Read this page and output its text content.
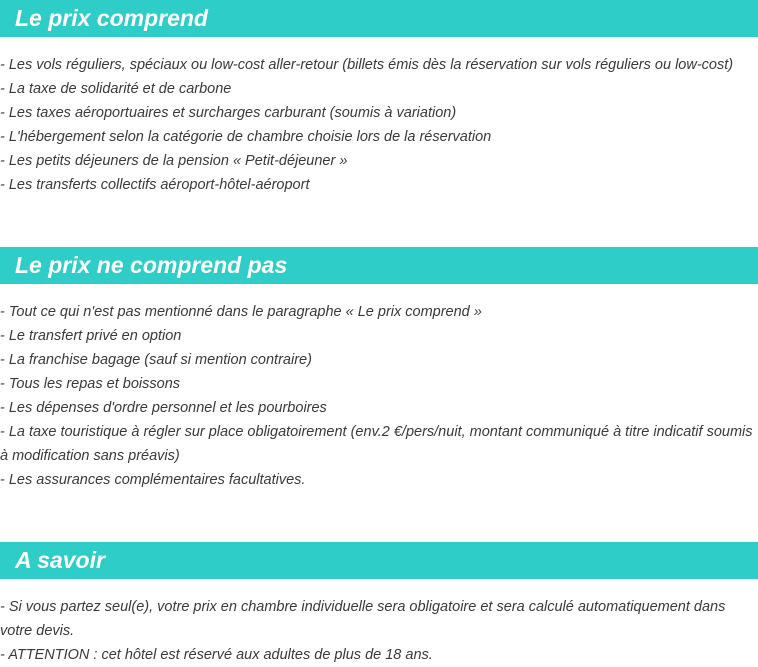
Le prix comprend
- Les vols réguliers, spéciaux ou low-cost aller-retour (billets émis dès la réservation sur vols réguliers ou low-cost)
- La taxe de solidarité et de carbone
- Les taxes aéroportuaires et surcharges carburant (soumis à variation)
- L'hébergement selon la catégorie de chambre choisie lors de la réservation
- Les petits déjeuners de la pension « Petit-déjeuner »
- Les transferts collectifs aéroport-hôtel-aéroport
Le prix ne comprend pas
- Tout ce qui n'est pas mentionné dans le paragraphe « Le prix comprend »
- Le transfert privé en option
- La franchise bagage (sauf si mention contraire)
- Tous les repas et boissons
- Les dépenses d'ordre personnel et les pourboires
- La taxe touristique à régler sur place obligatoirement (env.2 €/pers/nuit, montant communiqué à titre indicatif soumis à modification sans préavis)
- Les assurances complémentaires facultatives.
A savoir
- Si vous partez seul(e), votre prix en chambre individuelle sera obligatoire et sera calculé automatiquement dans votre devis.
- ATTENTION : cet hôtel est réservé aux adultes de plus de 18 ans.
